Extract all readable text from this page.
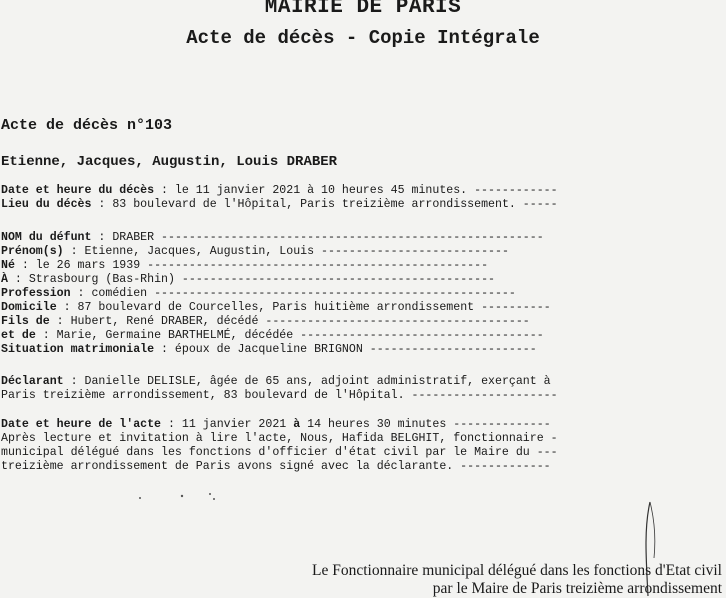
MAIRIE DE PARIS
Acte de décès - Copie Intégrale
Acte de décès n°103
Etienne, Jacques, Augustin, Louis DRABER
Date et heure du décès : le 11 janvier 2021 à 10 heures 45 minutes. ------------
Lieu du décès : 83 boulevard de l'Hôpital, Paris treizième arrondissement. -----
NOM du défunt : DRABER -------------------------------------------------------
Prénom(s) : Etienne, Jacques, Augustin, Louis ---------------------------
Né : le 26 mars 1939 -------------------------------------------------
À : Strasbourg (Bas-Rhin) ---------------------------------------------
Profession : comédien ----------------------------------------------------
Domicile : 87 boulevard de Courcelles, Paris huitième arrondissement ----------
Fils de : Hubert, René DRABER, décédé --------------------------------------
et de : Marie, Germaine BARTHELMÉ, décédée -----------------------------------
Situation matrimoniale : époux de Jacqueline BRIGNON ------------------------
Déclarant : Danielle DELISLE, âgée de 65 ans, adjoint administratif, exerçant à
Paris treizième arrondissement, 83 boulevard de l'Hôpital. ---------------------
Date et heure de l'acte : 11 janvier 2021 à 14 heures 30 minutes --------------
Après lecture et invitation à lire l'acte, Nous, Hafida BELGHIT, fonctionnaire -
municipal délégué dans les fonctions d'officier d'état civil par le Maire du ---
treizième arrondissement de Paris avons signé avec la déclarante. -------------
Le Fonctionnaire municipal délégué dans les fonctions d'Etat civil
par le Maire de Paris treizième arrondissement
